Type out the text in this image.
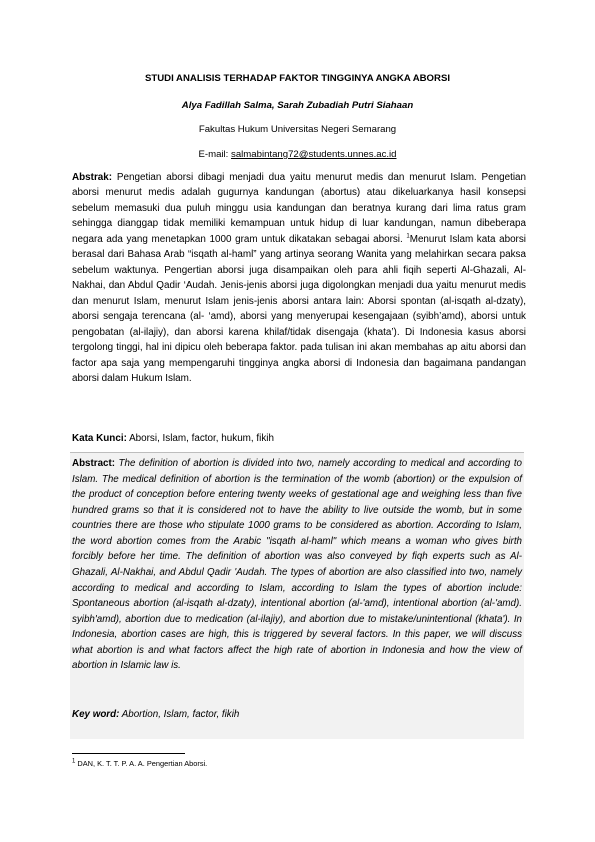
STUDI ANALISIS TERHADAP FAKTOR TINGGINYA ANGKA ABORSI
Alya Fadillah Salma, Sarah Zubadiah Putri Siahaan
Fakultas Hukum Universitas Negeri Semarang
E-mail: salmabintang72@students.unnes.ac.id
Abstrak: Pengetian aborsi dibagi menjadi dua yaitu menurut medis dan menurut Islam. Pengetian aborsi menurut medis adalah gugurnya kandungan (abortus) atau dikeluarkanya hasil konsepsi sebelum memasuki dua puluh minggu usia kandungan dan beratnya kurang dari lima ratus gram sehingga dianggap tidak memiliki kemampuan untuk hidup di luar kandungan, namun dibeberapa negara ada yang menetapkan 1000 gram untuk dikatakan sebagai aborsi. $^1$Menurut Islam kata aborsi berasal dari Bahasa Arab “isqath al-haml” yang artinya seorang Wanita yang melahirkan secara paksa sebelum waktunya. Pengertian aborsi juga disampaikan oleh para ahli fiqih seperti Al-Ghazali, Al-Nakhai, dan Abdul Qadir ‘Audah. Jenis-jenis aborsi juga digolongkan menjadi dua yaitu menurut medis dan menurut Islam, menurut Islam jenis-jenis aborsi antara lain: Aborsi spontan (al-isqath al-dzaty), aborsi sengaja terencana (al- ‘amd), aborsi yang menyerupai kesengajaan (syibh’amd), aborsi untuk pengobatan (al-ilajiy), dan aborsi karena khilaf/tidak disengaja (khata’). Di Indonesia kasus aborsi tergolong tinggi, hal ini dipicu oleh beberapa faktor. pada tulisan ini akan membahas ap aitu aborsi dan factor apa saja yang mempengaruhi tingginya angka aborsi di Indonesia dan bagaimana pandangan aborsi dalam Hukum Islam.
Kata Kunci: Aborsi, Islam, factor, hukum, fikih
Abstract: The definition of abortion is divided into two, namely according to medical and according to Islam. The medical definition of abortion is the termination of the womb (abortion) or the expulsion of the product of conception before entering twenty weeks of gestational age and weighing less than five hundred grams so that it is considered not to have the ability to live outside the womb, but in some countries there are those who stipulate 1000 grams to be considered as abortion. According to Islam, the word abortion comes from the Arabic "isqath al-haml" which means a woman who gives birth forcibly before her time. The definition of abortion was also conveyed by fiqh experts such as Al-Ghazali, Al-Nakhai, and Abdul Qadir 'Audah. The types of abortion are also classified into two, namely according to medical and according to Islam, according to Islam the types of abortion include: Spontaneous abortion (al-isqath al-dzaty), intentional abortion (al-'amd), intentional abortion (al-'amd). syibh'amd), abortion due to medication (al-ilajiy), and abortion due to mistake/unintentional (khata'). In Indonesia, abortion cases are high, this is triggered by several factors. In this paper, we will discuss what abortion is and what factors affect the high rate of abortion in Indonesia and how the view of abortion in Islamic law is.
Key word: Abortion, Islam, factor, fikih
$^1$ DAN, K. T. T. P. A. A. Pengertian Aborsi.
